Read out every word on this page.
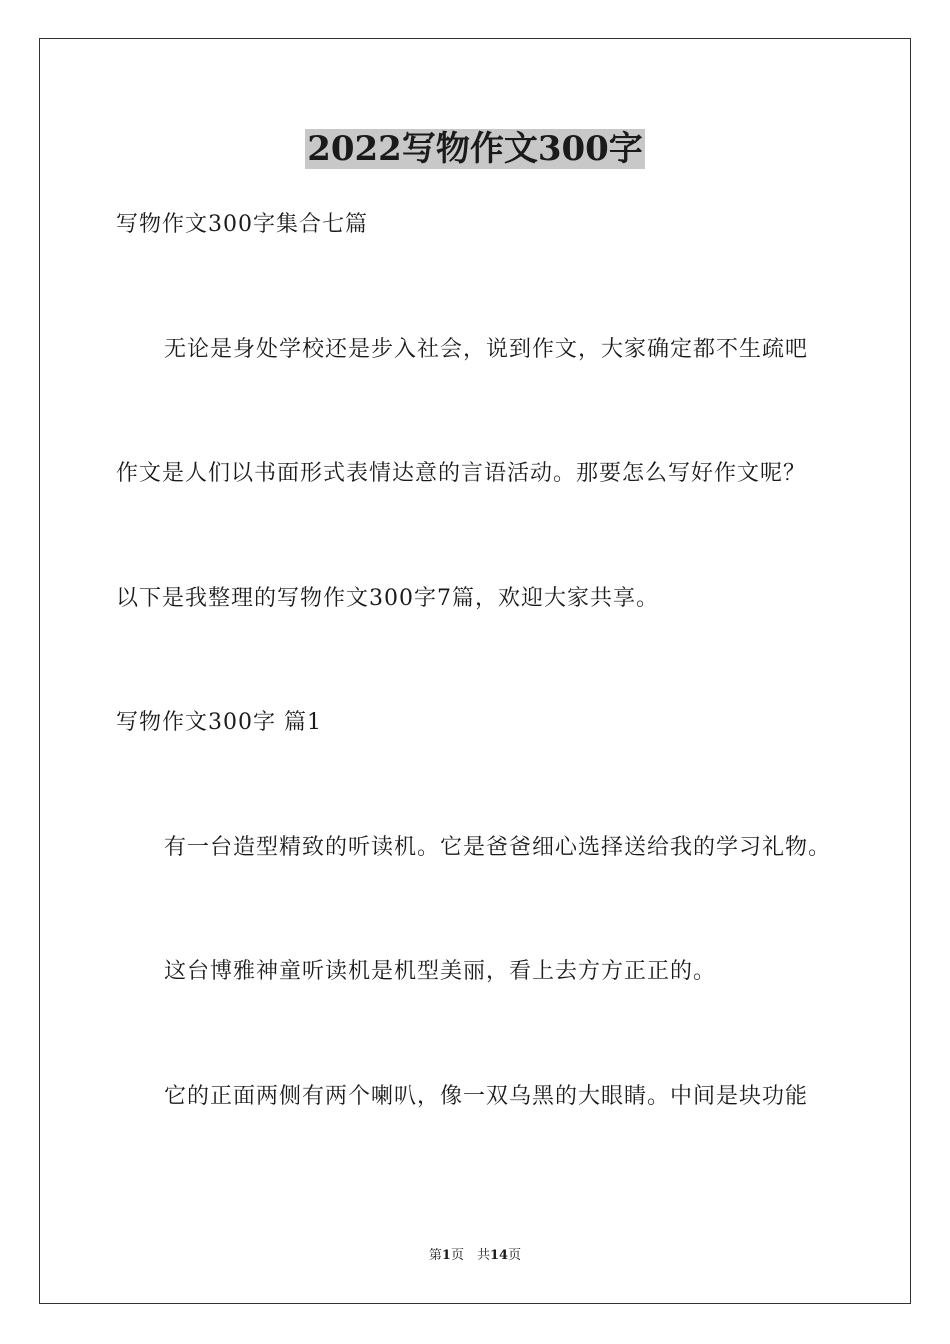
2022写物作文300字
写物作文300字集合七篇
无论是身处学校还是步入社会，说到作文，大家确定都不生疏吧
作文是人们以书面形式表情达意的言语活动。那要怎么写好作文呢？
以下是我整理的写物作文300字7篇，欢迎大家共享。
写物作文300字 篇1
有一台造型精致的听读机。它是爸爸细心选择送给我的学习礼物。
这台博雅神童听读机是机型美丽，看上去方方正正的。
它的正面两侧有两个喇叭，像一双乌黑的大眼睛。中间是块功能
第1页　共14页
